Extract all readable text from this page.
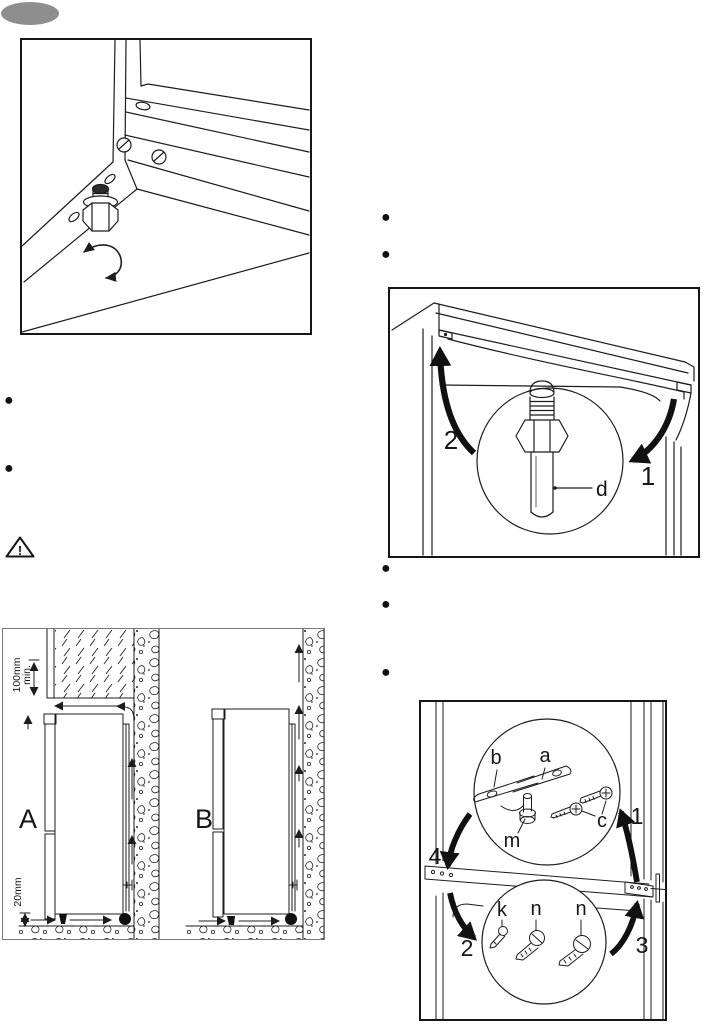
●
●
!
100mm
min.
20mm
A	B
●
●
d
2
1
●
●
●
b a
m
c
k n n
1
4
2	3
